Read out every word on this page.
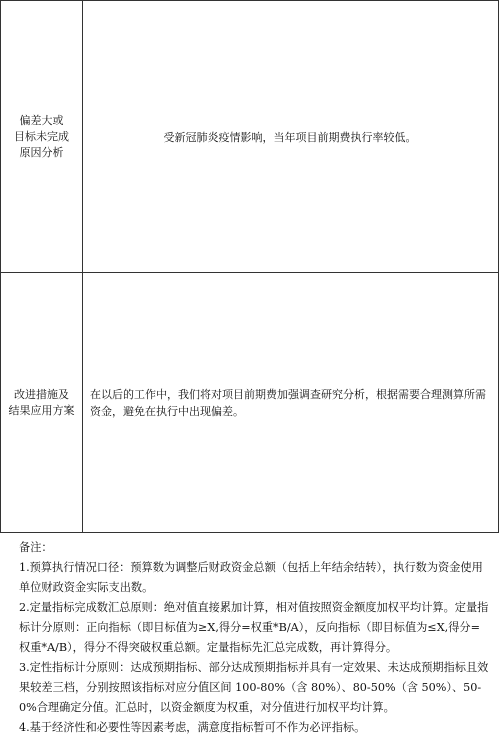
偏差大或
目标未完成
原因分析
受新冠肺炎疫情影响，当年项目前期费执行率较低。
改进措施及
结果应用方案
在以后的工作中，我们将对项目前期费加强调查研究分析，根据需要合理测算所需资金，避免在执行中出现偏差。

备注：

1.预算执行情况口径：预算数为调整后财政资金总额（包括上年结余结转），执行数为资金使用单位财政资金实际支出数。

2.定量指标完成数汇总原则：绝对值直接累加计算，相对值按照资金额度加权平均计算。定量指标计分原则：正向指标（即目标值为≥X,得分=权重*B/A），反向指标（即目标值为≤X,得分=权重*A/B），得分不得突破权重总额。定量指标先汇总完成数，再计算得分。

3.定性指标计分原则：达成预期指标、部分达成预期指标并具有一定效果、未达成预期指标且效果较差三档，分别按照该指标对应分值区间 100-80%（含 80%）、80-50%（含 50%）、50-0%合理确定分值。汇总时，以资金额度为权重，对分值进行加权平均计算。

4.基于经济性和必要性等因素考虑，满意度指标暂可不作为必评指标。
